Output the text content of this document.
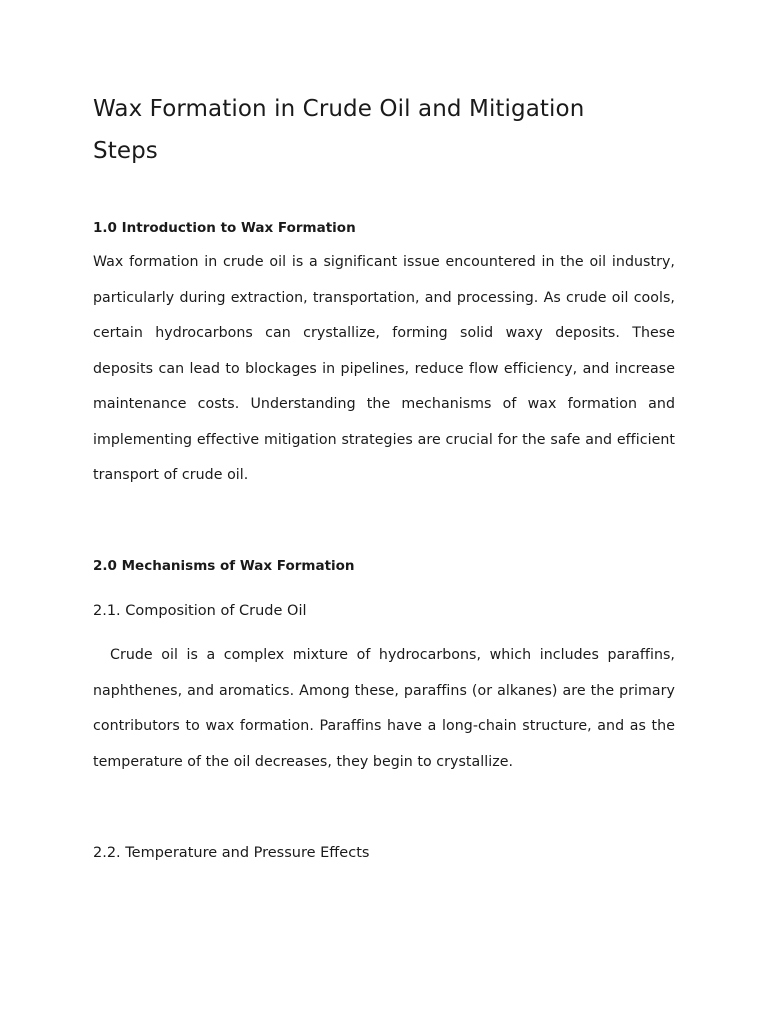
Wax Formation in Crude Oil and Mitigation Steps
1.0 Introduction to Wax Formation

Wax formation in crude oil is a significant issue encountered in the oil industry, particularly during extraction, transportation, and processing. As crude oil cools, certain hydrocarbons can crystallize, forming solid waxy deposits. These deposits can lead to blockages in pipelines, reduce flow efficiency, and increase maintenance costs. Understanding the mechanisms of wax formation and implementing effective mitigation strategies are crucial for the safe and efficient transport of crude oil.

2.0 Mechanisms of Wax Formation
2.1. Composition of Crude Oil

Crude oil is a complex mixture of hydrocarbons, which includes paraffins, naphthenes, and aromatics. Among these, paraffins (or alkanes) are the primary contributors to wax formation. Paraffins have a long-chain structure, and as the temperature of the oil decreases, they begin to crystallize.

2.2. Temperature and Pressure Effects
